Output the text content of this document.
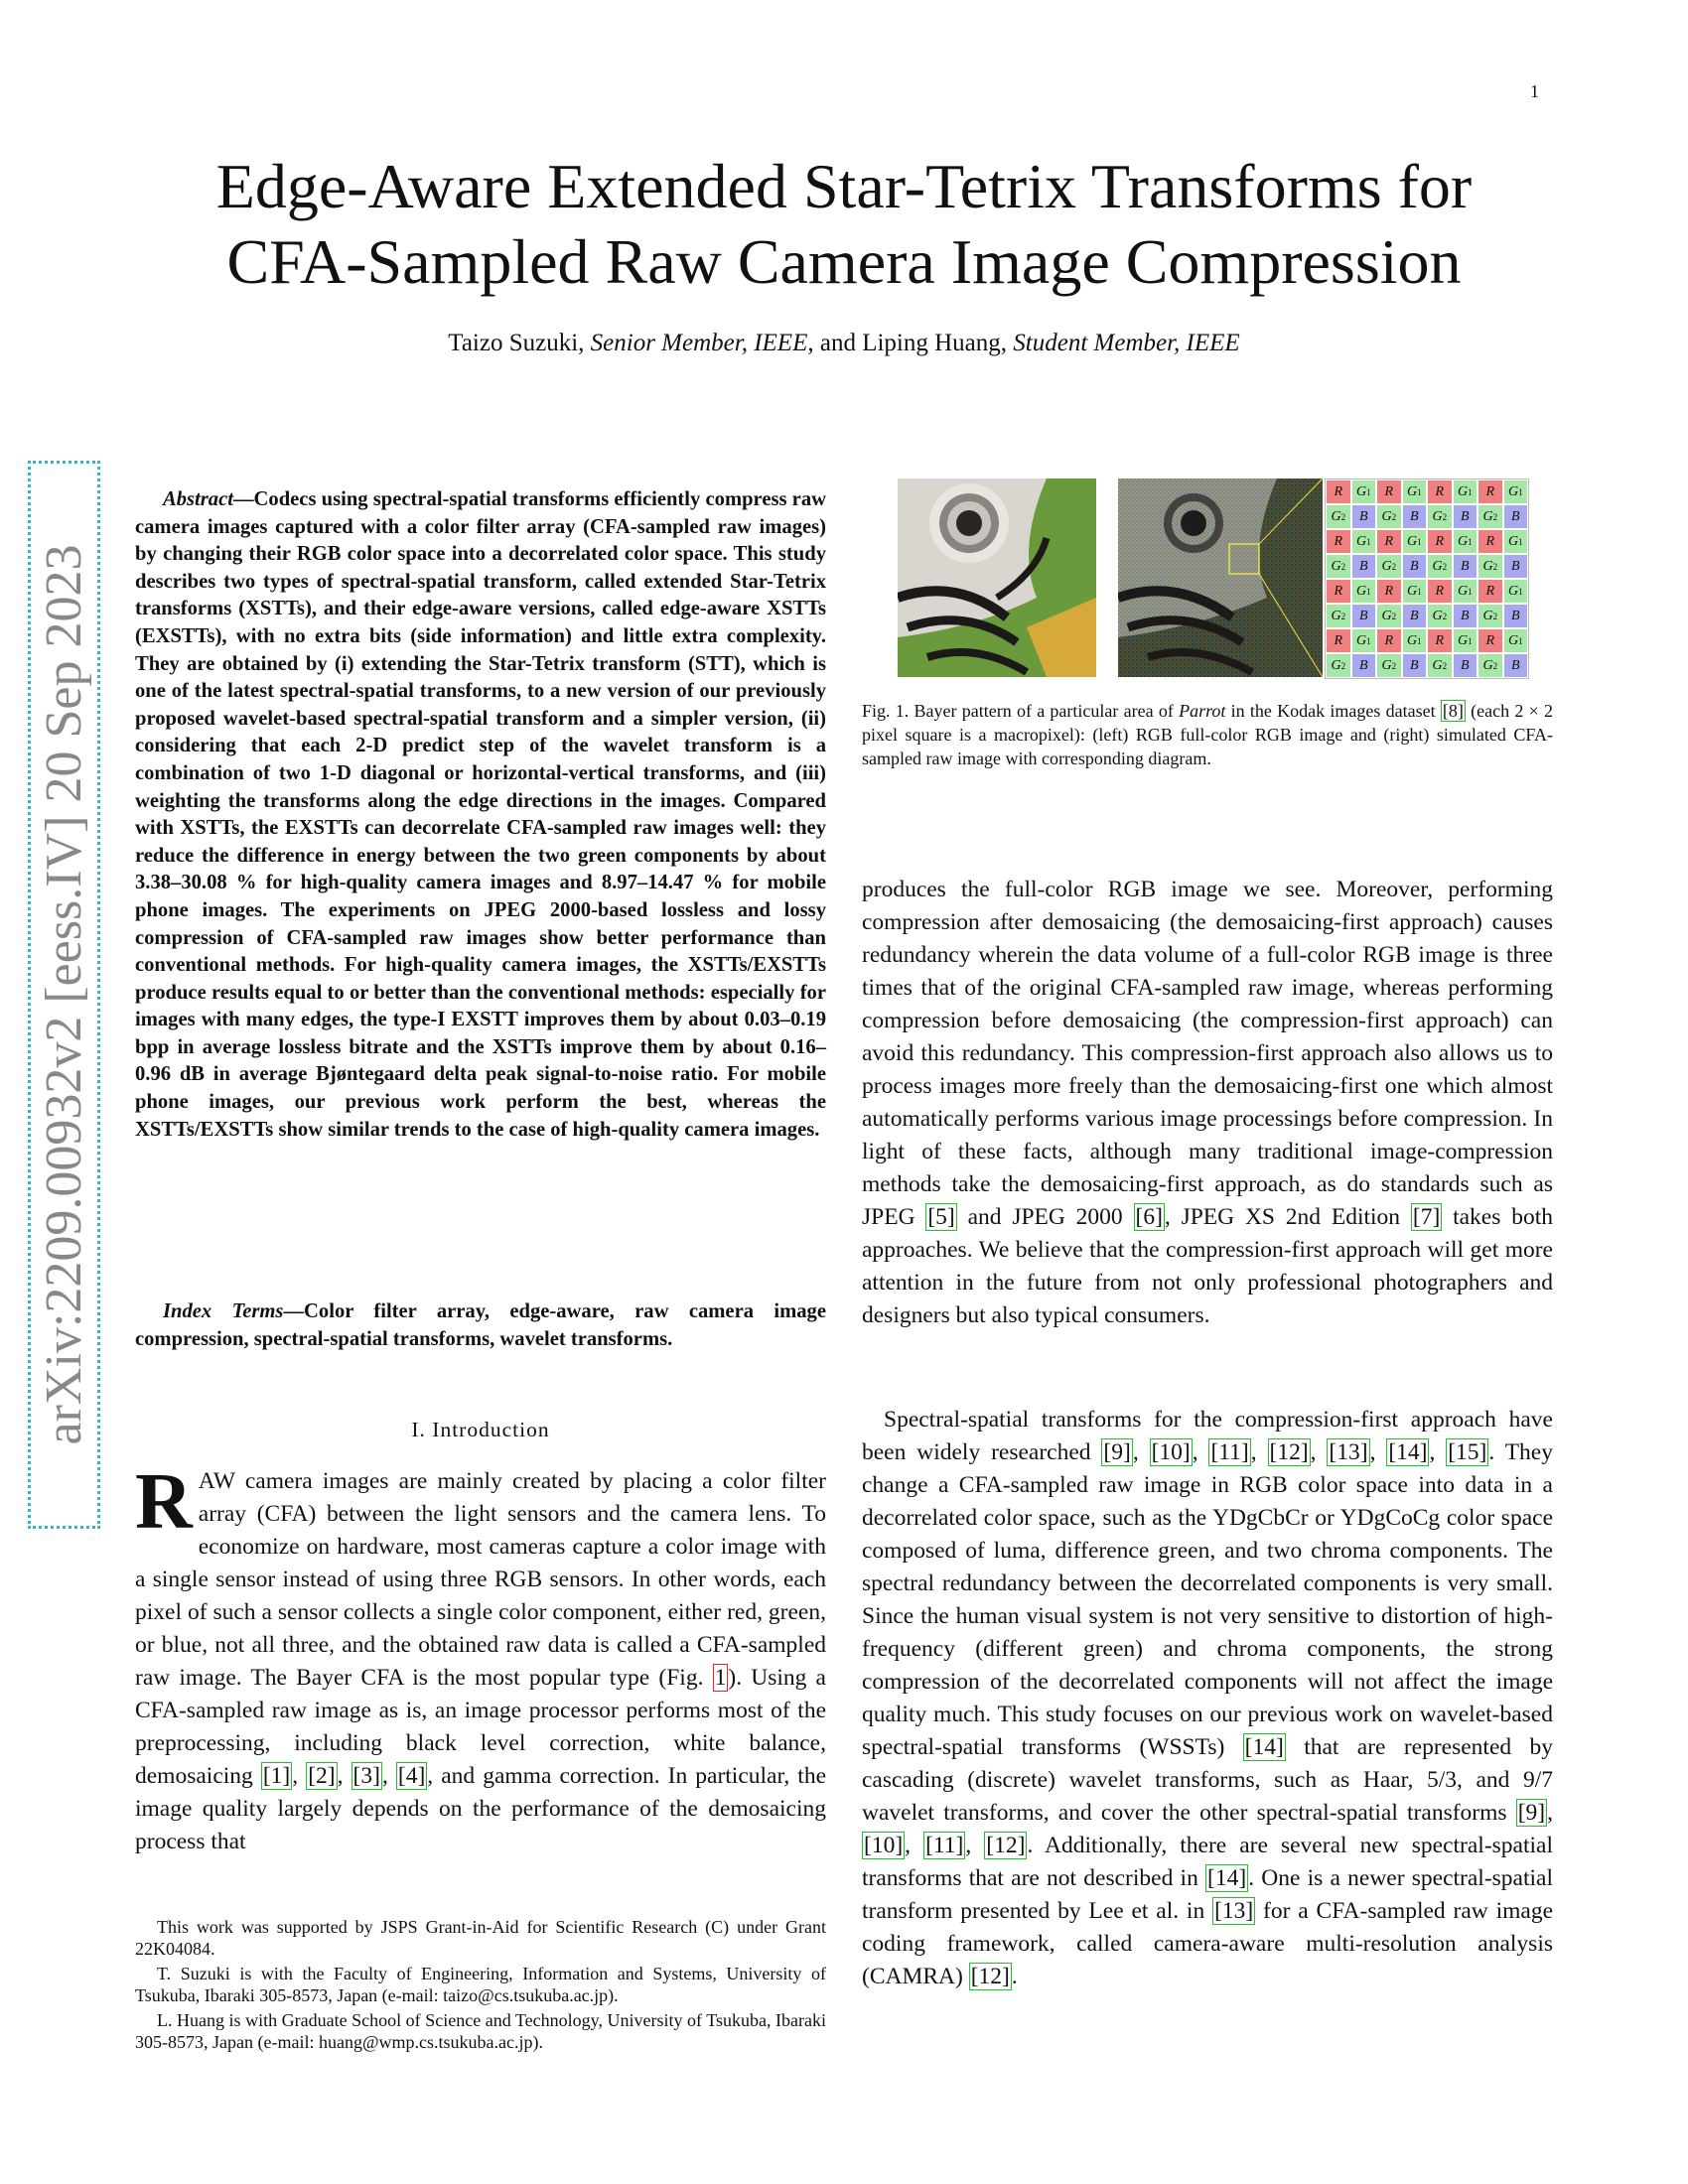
1
Edge-Aware Extended Star-Tetrix Transforms for
CFA-Sampled Raw Camera Image Compression
Taizo Suzuki, Senior Member, IEEE, and Liping Huang, Student Member, IEEE
arXiv:2209.00932v2 [eess.IV] 20 Sep 2023

Abstract—Codecs using spectral-spatial transforms efficiently compress raw camera images captured with a color filter array (CFA-sampled raw images) by changing their RGB color space into a decorrelated color space. This study describes two types of spectral-spatial transform, called extended Star-Tetrix transforms (XSTTs), and their edge-aware versions, called edge-aware XSTTs (EXSTTs), with no extra bits (side information) and little extra complexity. They are obtained by (i) extending the Star-Tetrix transform (STT), which is one of the latest spectral-spatial transforms, to a new version of our previously proposed wavelet-based spectral-spatial transform and a simpler version, (ii) considering that each 2-D predict step of the wavelet transform is a combination of two 1-D diagonal or horizontal-vertical transforms, and (iii) weighting the transforms along the edge directions in the images. Compared with XSTTs, the EXSTTs can decorrelate CFA-sampled raw images well: they reduce the difference in energy between the two green components by about 3.38–30.08 % for high-quality camera images and 8.97–14.47 % for mobile phone images. The experiments on JPEG 2000-based lossless and lossy compression of CFA-sampled raw images show better performance than conventional methods. For high-quality camera images, the XSTTs/EXSTTs produce results equal to or better than the conventional methods: especially for images with many edges, the type-I EXSTT improves them by about 0.03–0.19 bpp in average lossless bitrate and the XSTTs improve them by about 0.16–0.96 dB in average Bjøntegaard delta peak signal-to-noise ratio. For mobile phone images, our previous work perform the best, whereas the XSTTs/EXSTTs show similar trends to the case of high-quality camera images.

Index Terms—Color filter array, edge-aware, raw camera image compression, spectral-spatial transforms, wavelet transforms.
I. Introduction

RAW camera images are mainly created by placing a color filter array (CFA) between the light sensors and the camera lens. To economize on hardware, most cameras capture a color image with a single sensor instead of using three RGB sensors. In other words, each pixel of such a sensor collects a single color component, either red, green, or blue, not all three, and the obtained raw data is called a CFA-sampled raw image. The Bayer CFA is the most popular type (Fig. 1). Using a CFA-sampled raw image as is, an image processor performs most of the preprocessing, including black level correction, white balance, demosaicing [1], [2], [3], [4], and gamma correction. In particular, the image quality largely depends on the performance of the demosaicing process that

This work was supported by JSPS Grant-in-Aid for Scientific Research (C) under Grant 22K04084.

T. Suzuki is with the Faculty of Engineering, Information and Systems, University of Tsukuba, Ibaraki 305-8573, Japan (e-mail: taizo@cs.tsukuba.ac.jp).

L. Huang is with Graduate School of Science and Technology, University of Tsukuba, Ibaraki 305-8573, Japan (e-mail: huang@wmp.cs.tsukuba.ac.jp).

R G 1 R G 1 R G 1 R G 1
G 2 B G 2 B G 2 B G 2 B
R G 1 R G 1 R G 1 R G 1
G 2 B G 2 B G 2 B G 2 B
R G 1 R G 1 R G 1 R G 1
G 2 B G 2 B G 2 B G 2 B
R G 1 R G 1 R G 1 R G 1
G 2 B G 2 B G 2 B G 2 B
Fig. 1. Bayer pattern of a particular area of Parrot in the Kodak images dataset [8] (each 2 × 2 pixel square is a macropixel): (left) RGB full-color RGB image and (right) simulated CFA-sampled raw image with corresponding diagram.

produces the full-color RGB image we see. Moreover, performing compression after demosaicing (the demosaicing-first approach) causes redundancy wherein the data volume of a full-color RGB image is three times that of the original CFA-sampled raw image, whereas performing compression before demosaicing (the compression-first approach) can avoid this redundancy. This compression-first approach also allows us to process images more freely than the demosaicing-first one which almost automatically performs various image processings before compression. In light of these facts, although many traditional image-compression methods take the demosaicing-first approach, as do standards such as JPEG [5] and JPEG 2000 [6], JPEG XS 2nd Edition [7] takes both approaches. We believe that the compression-first approach will get more attention in the future from not only professional photographers and designers but also typical consumers.

Spectral-spatial transforms for the compression-first approach have been widely researched [9], [10], [11], [12], [13], [14], [15]. They change a CFA-sampled raw image in RGB color space into data in a decorrelated color space, such as the YDgCbCr or YDgCoCg color space composed of luma, difference green, and two chroma components. The spectral redundancy between the decorrelated components is very small. Since the human visual system is not very sensitive to distortion of high-frequency (different green) and chroma components, the strong compression of the decorrelated components will not affect the image quality much. This study focuses on our previous work on wavelet-based spectral-spatial transforms (WSSTs) [14] that are represented by cascading (discrete) wavelet transforms, such as Haar, 5/3, and 9/7 wavelet transforms, and cover the other spectral-spatial transforms [9], [10], [11], [12]. Additionally, there are several new spectral-spatial transforms that are not described in [14]. One is a newer spectral-spatial transform presented by Lee et al. in [13] for a CFA-sampled raw image coding framework, called camera-aware multi-resolution analysis (CAMRA) [12].
